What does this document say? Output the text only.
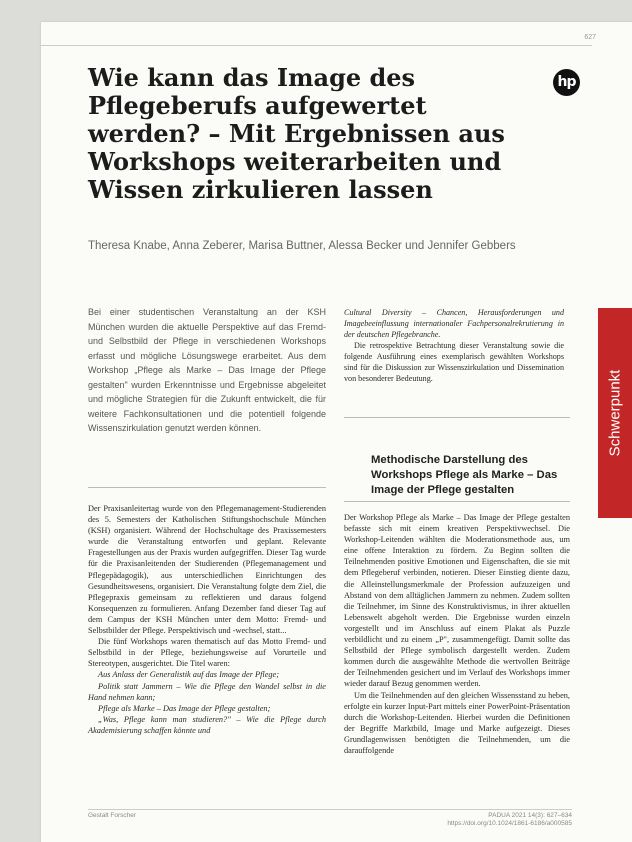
627
hp
Wie kann das Image des Pflegeberufs aufgewertet werden? – Mit Ergebnissen aus Workshops weiterarbeiten und Wissen zirkulieren lassen
Theresa Knabe, Anna Zeberer, Marisa Buttner, Alessa Becker und Jennifer Gebbers
Bei einer studentischen Veranstaltung an der KSH München wurden die aktuelle Perspektive auf das Fremd- und Selbstbild der Pflege in verschiedenen Workshops erfasst und mögliche Lösungswege erarbeitet. Aus dem Workshop „Pflege als Marke – Das Image der Pflege gestalten" wurden Erkenntnisse und Ergebnisse abgeleitet und mögliche Strategien für die Zukunft entwickelt, die für weitere Fachkonsultationen und die potentiell folgende Wissenszirkulation genutzt werden können.

Der Praxisanleitertag wurde von den Pflegemanagement-Studierenden des 5. Semesters der Katholischen Stiftungshochschule München (KSH) organisiert. Während der Hochschultage des Praxissemesters wurde die Veranstaltung entworfen und geplant. Relevante Fragestellungen aus der Praxis wurden aufgegriffen. Dieser Tag wurde für die Praxisanleitenden der Studierenden (Pflegemanagement und Pflegepädagogik), aus unterschiedlichen Einrichtungen des Gesundheitswesens, organisiert. Die Veranstaltung folgte dem Ziel, die Pflegepraxis gemeinsam zu reflektieren und daraus folgend Konsequenzen zu formulieren. Anfang Dezember fand dieser Tag auf dem Campus der KSH München unter dem Motto: Fremd- und Selbstbilder der Pflege. Perspektivisch und -wechsel, statt...

Die fünf Workshops waren thematisch auf das Motto Fremd- und Selbstbild in der Pflege, beziehungsweise auf Vorurteile und Stereotypen, ausgerichtet. Die Titel waren:

Aus Anlass der Generalistik auf das Image der Pflege;

Politik statt Jammern – Wie die Pflege den Wandel selbst in die Hand nehmen kann;

Pflege als Marke – Das Image der Pflege gestalten;

„Was, Pflege kann man studieren?" – Wie die Pflege durch Akademisierung schaffen könnte und

Cultural Diversity – Chancen, Herausforderungen und Imagebeeinflussung internationaler Fachpersonalrekrutierung in der deutschen Pflegebranche.

Die retrospektive Betrachtung dieser Veranstaltung sowie die folgende Ausführung eines exemplarisch gewählten Workshops sind für die Diskussion zur Wissenszirkulation und Dissemination von besonderer Bedeutung.

Methodische Darstellung des Workshops Pflege als Marke – Das Image der Pflege gestalten

Der Workshop Pflege als Marke – Das Image der Pflege gestalten befasste sich mit einem kreativen Perspektivwechsel. Die Workshop-Leitenden wählten die Moderationsmethode aus, um eine offene Interaktion zu fördern. Zu Beginn sollten die Teilnehmenden positive Emotionen und Eigenschaften, die sie mit dem Pflegeberuf verbinden, notieren. Dieser Einstieg diente dazu, die Alleinstellungsmerkmale der Profession aufzuzeigen und Abstand von dem alltäglichen Jammern zu nehmen. Zudem sollten die Teilnehmer, im Sinne des Konstruktivismus, in ihrer aktuellen Lebenswelt abgeholt werden. Die Ergebnisse wurden einzeln vorgestellt und im Anschluss auf einem Plakat als Puzzle verbildlicht und zu einem „P", zusammengefügt. Damit sollte das Selbstbild der Pflege symbolisch dargestellt werden. Zudem kommen durch die ausgewählte Methode die wertvollen Beiträge der Teilnehmenden gesichert und im Verlauf des Workshops immer wieder darauf Bezug genommen werden.

Um die Teilnehmenden auf den gleichen Wissensstand zu heben, erfolgte ein kurzer Input-Part mittels einer PowerPoint-Präsentation durch die Workshop-Leitenden. Hierbei wurden die Definitionen der Begriffe Marktbild, Image und Marke aufgezeigt. Dieses Grundlagenwissen benötigten die Teilnehmenden, um die darauffolgende

Schwerpunkt
Gestalt Forscher	PADUA 2021 14(3): 627–634
https://doi.org/10.1024/1861-6186/a000585
